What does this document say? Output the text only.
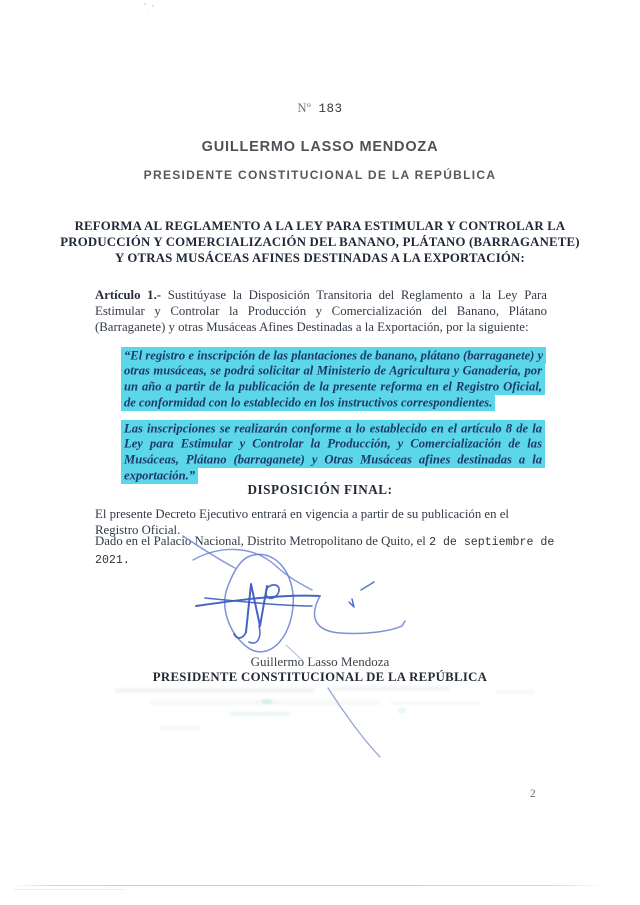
Nº 183
GUILLERMO LASSO MENDOZA
PRESIDENTE CONSTITUCIONAL DE LA REPÚBLICA
REFORMA AL REGLAMENTO A LA LEY PARA ESTIMULAR Y CONTROLAR LA
PRODUCCIÓN Y COMERCIALIZACIÓN DEL BANANO, PLÁTANO (BARRAGANETE)
Y OTRAS MUSÁCEAS AFINES DESTINADAS A LA EXPORTACIÓN:
Artículo 1.- Sustitúyase la Disposición Transitoria del Reglamento a la Ley Para Estimular y Controlar la Producción y Comercialización del Banano, Plátano (Barraganete) y otras Musáceas Afines Destinadas a la Exportación, por la siguiente:
“El registro e inscripción de las plantaciones de banano, plátano (barraganete) y otras musáceas, se podrá solicitar al Ministerio de Agricultura y Ganadería, por un año a partir de la publicación de la presente reforma en el Registro Oficial, de conformidad con lo establecido en los instructivos correspondientes.
Las inscripciones se realizarán conforme a lo establecido en el artículo 8 de la Ley para Estimular y Controlar la Producción, y Comercialización de las Musáceas, Plátano (barraganete) y Otras Musáceas afines destinadas a la exportación.”
DISPOSICIÓN FINAL:
El presente Decreto Ejecutivo entrará en vigencia a partir de su publicación en el Registro Oficial.
Dado en el Palacio Nacional, Distrito Metropolitano de Quito, el 2 de septiembre de 2021.
Guillermo Lasso Mendoza
PRESIDENTE CONSTITUCIONAL DE LA REPÚBLICA
2
